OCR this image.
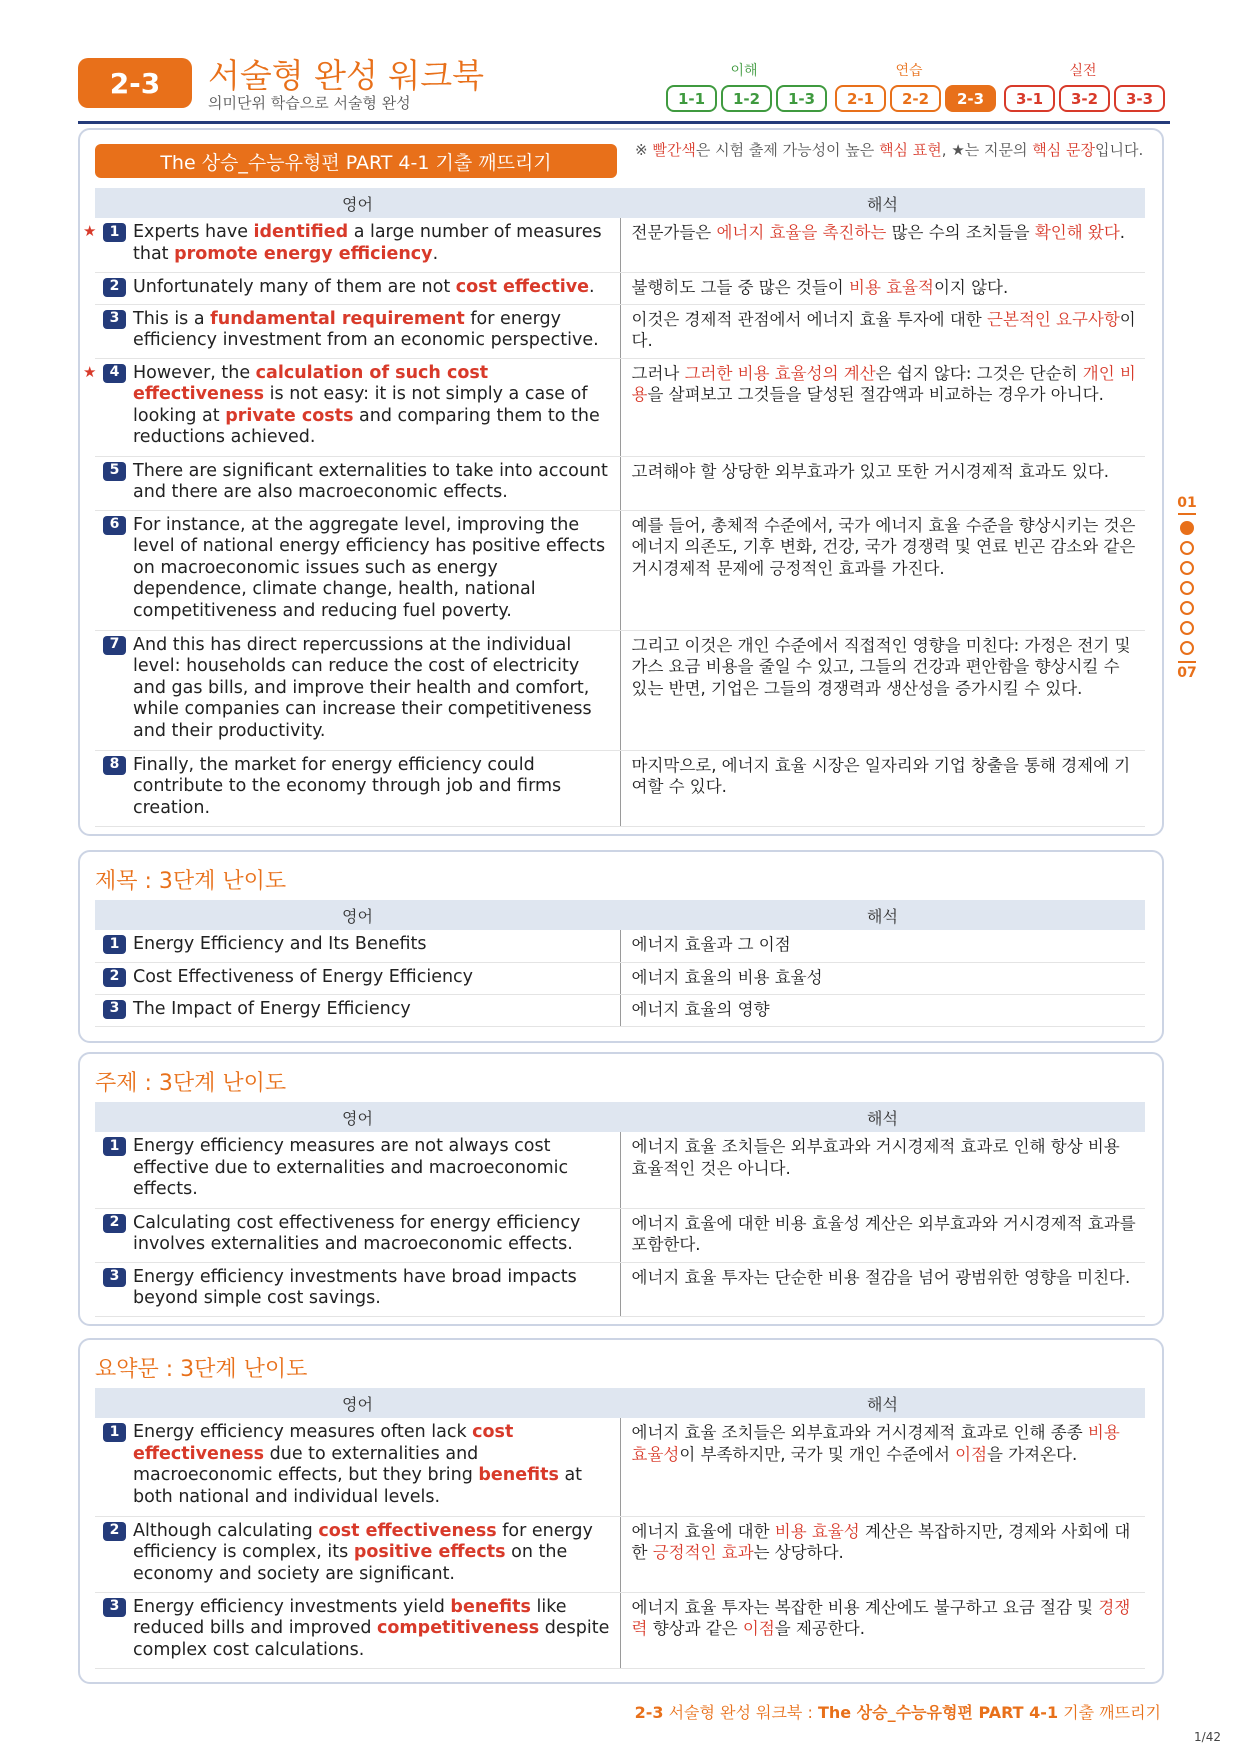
2-3	서술형 완성 워크북
의미단위 학습으로 서술형 완성
이해	연습	실전
1-1	1-2	1-3	2-1	2-2	2-3	3-1	3-2	3-3
The 상승_수능유형편 PART 4-1 기출 깨뜨리기
※ 빨간색은 시험 출제 가능성이 높은 핵심 표현, ★는 지문의 핵심 문장입니다.
영어	해석

★ 1 Experts have identified a large number of measures that promote energy efficiency.	전문가들은 에너지 효율을 촉진하는 많은 수의 조치들을 확인해 왔다.

2 Unfortunately many of them are not cost effective.	불행히도 그들 중 많은 것들이 비용 효율적이지 않다.

3 This is a fundamental requirement for energy efficiency investment from an economic perspective.	이것은 경제적 관점에서 에너지 효율 투자에 대한 근본적인 요구사항이다.

★ 4 However, the calculation of such cost effectiveness is not easy: it is not simply a case of looking at private costs and comparing them to the reductions achieved.	그러나 그러한 비용 효율성의 계산은 쉽지 않다: 그것은 단순히 개인 비용을 살펴보고 그것들을 달성된 절감액과 비교하는 경우가 아니다.

5 There are significant externalities to take into account and there are also macroeconomic effects.	고려해야 할 상당한 외부효과가 있고 또한 거시경제적 효과도 있다.

6 For instance, at the aggregate level, improving the level of national energy efficiency has positive effects on macroeconomic issues such as energy dependence, climate change, health, national competitiveness and reducing fuel poverty.	예를 들어, 총체적 수준에서, 국가 에너지 효율 수준을 향상시키는 것은 에너지 의존도, 기후 변화, 건강, 국가 경쟁력 및 연료 빈곤 감소와 같은 거시경제적 문제에 긍정적인 효과를 가진다.

7 And this has direct repercussions at the individual level: households can reduce the cost of electricity and gas bills, and improve their health and comfort, while companies can increase their competitiveness and their productivity.	그리고 이것은 개인 수준에서 직접적인 영향을 미친다: 가정은 전기 및 가스 요금 비용을 줄일 수 있고, 그들의 건강과 편안함을 향상시킬 수 있는 반면, 기업은 그들의 경쟁력과 생산성을 증가시킬 수 있다.

8 Finally, the market for energy efficiency could contribute to the economy through job and firms creation.	마지막으로, 에너지 효율 시장은 일자리와 기업 창출을 통해 경제에 기여할 수 있다.
제목 : 3단계 난이도
영어	해석

1 Energy Efficiency and Its Benefits	에너지 효율과 그 이점

2 Cost Effectiveness of Energy Efficiency	에너지 효율의 비용 효율성

3 The Impact of Energy Efficiency	에너지 효율의 영향
주제 : 3단계 난이도
영어	해석

1 Energy efficiency measures are not always cost effective due to externalities and macroeconomic effects.	에너지 효율 조치들은 외부효과와 거시경제적 효과로 인해 항상 비용 효율적인 것은 아니다.

2 Calculating cost effectiveness for energy efficiency involves externalities and macroeconomic effects.	에너지 효율에 대한 비용 효율성 계산은 외부효과와 거시경제적 효과를 포함한다.

3 Energy efficiency investments have broad impacts beyond simple cost savings.	에너지 효율 투자는 단순한 비용 절감을 넘어 광범위한 영향을 미친다.
요약문 : 3단계 난이도
영어	해석

1 Energy efficiency measures often lack cost effectiveness due to externalities and macroeconomic effects, but they bring benefits at both national and individual levels.	에너지 효율 조치들은 외부효과와 거시경제적 효과로 인해 종종 비용 효율성이 부족하지만, 국가 및 개인 수준에서 이점을 가져온다.

2 Although calculating cost effectiveness for energy efficiency is complex, its positive effects on the economy and society are significant.	에너지 효율에 대한 비용 효율성 계산은 복잡하지만, 경제와 사회에 대한 긍정적인 효과는 상당하다.

3 Energy efficiency investments yield benefits like reduced bills and improved competitiveness despite complex cost calculations.	에너지 효율 투자는 복잡한 비용 계산에도 불구하고 요금 절감 및 경쟁력 향상과 같은 이점을 제공한다.
01
07
2-3 서술형 완성 워크북 : The 상승_수능유형편 PART 4-1 기출 깨뜨리기
1/42
